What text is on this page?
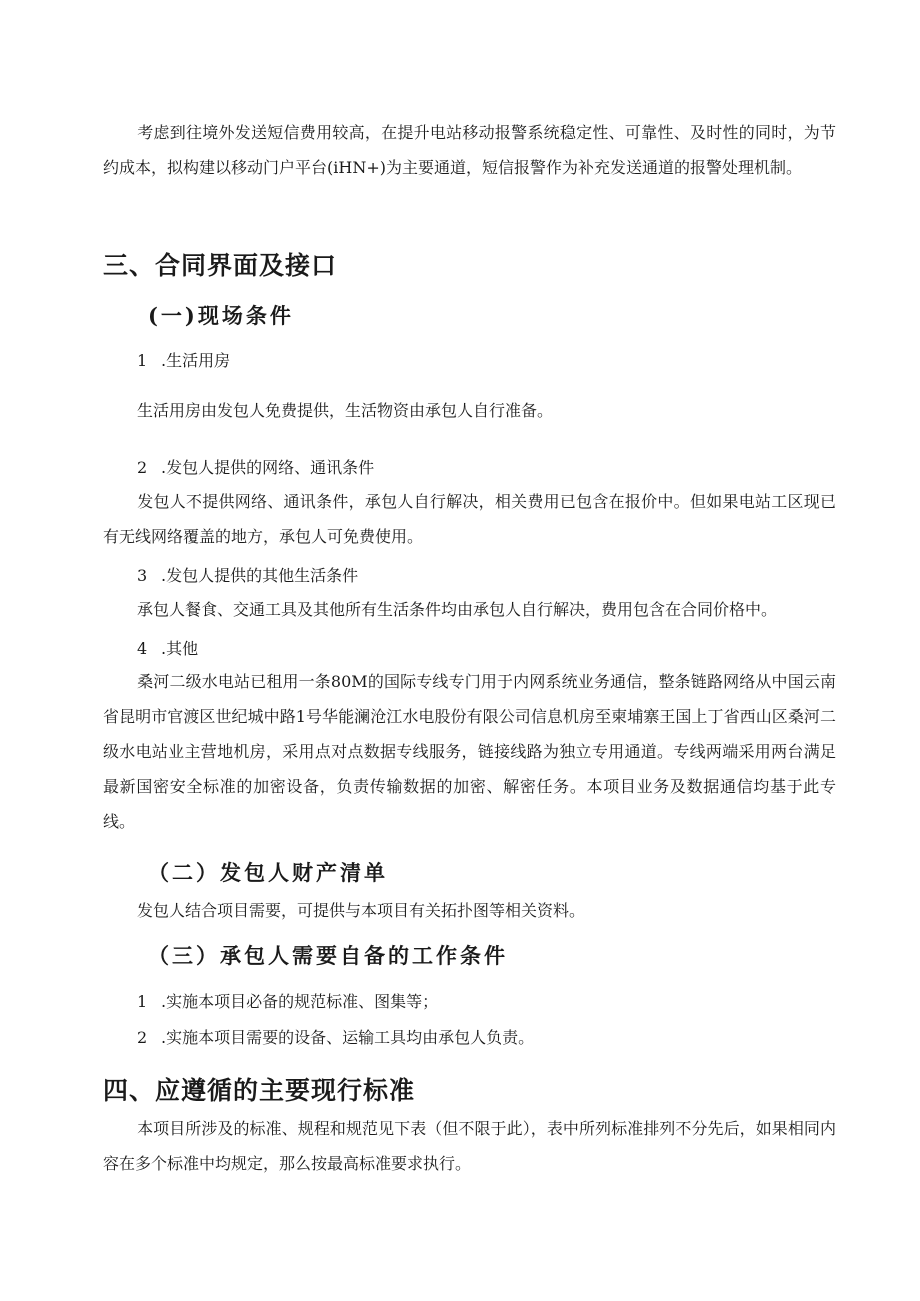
考虑到往境外发送短信费用较高，在提升电站移动报警系统稳定性、可靠性、及时性的同时，为节约成本，拟构建以移动门户平台(iHN+)为主要通道，短信报警作为补充发送通道的报警处理机制。

三、合同界面及接口
(一)现场条件
1 .生活用房

生活用房由发包人免费提供，生活物资由承包人自行准备。

2 .发包人提供的网络、通讯条件

发包人不提供网络、通讯条件，承包人自行解决，相关费用已包含在报价中。但如果电站工区现已有无线网络覆盖的地方，承包人可免费使用。

3 .发包人提供的其他生活条件

承包人餐食、交通工具及其他所有生活条件均由承包人自行解决，费用包含在合同价格中。

4 .其他

桑河二级水电站已租用一条80M的国际专线专门用于内网系统业务通信，整条链路网络从中国云南省昆明市官渡区世纪城中路1号华能澜沧江水电股份有限公司信息机房至柬埔寨王国上丁省西山区桑河二级水电站业主营地机房，采用点对点数据专线服务，链接线路为独立专用通道。专线两端采用两台满足最新国密安全标准的加密设备，负责传输数据的加密、解密任务。本项目业务及数据通信均基于此专线。

（二）发包人财产清单

发包人结合项目需要，可提供与本项目有关拓扑图等相关资料。

（三）承包人需要自备的工作条件
1 .实施本项目必备的规范标准、图集等；
2 .实施本项目需要的设备、运输工具均由承包人负责。
四、应遵循的主要现行标准

本项目所涉及的标准、规程和规范见下表（但不限于此），表中所列标准排列不分先后，如果相同内容在多个标准中均规定，那么按最高标准要求执行。
